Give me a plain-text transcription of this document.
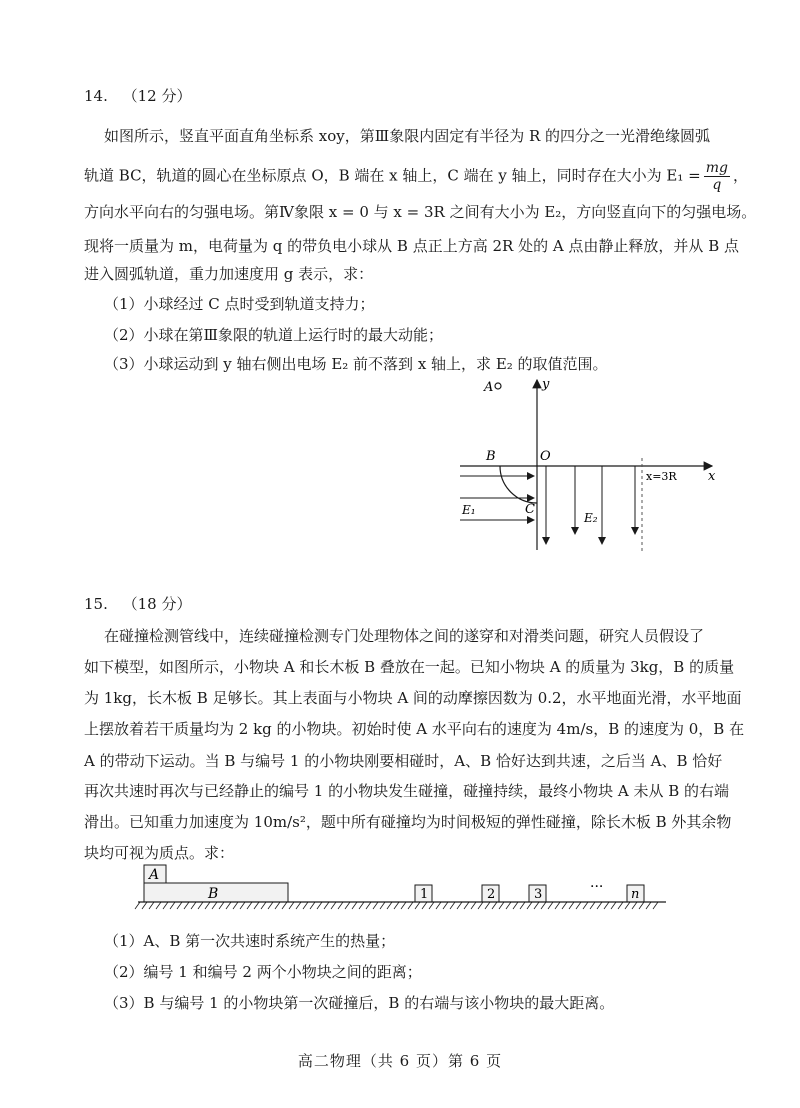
14. （12 分）
如图所示，竖直平面直角坐标系 xoy，第Ⅲ象限内固定有半径为 R 的四分之一光滑绝缘圆弧
轨道 BC，轨道的圆心在坐标原点 O，B 端在 x 轴上，C 端在 y 轴上，同时存在大小为 $E_1 = \frac{mg}{q}$ ，
方向水平向右的匀强电场。第Ⅳ象限 x = 0 与 x = 3R 之间有大小为 E₂，方向竖直向下的匀强电场。
现将一质量为 m，电荷量为 q 的带负电小球从 B 点正上方高 2R 处的 A 点由静止释放，并从 B 点
进入圆弧轨道，重力加速度用 g 表示，求：
（1）小球经过 C 点时受到轨道支持力；
（2）小球在第Ⅲ象限的轨道上运行时的最大动能；
（3）小球运动到 y 轴右侧出电场 E₂ 前不落到 x 轴上，求 E₂ 的取值范围。
A	y
x
B	O
C
E₁
E₂
x=3R
15. （18 分）
在碰撞检测管线中，连续碰撞检测专门处理物体之间的遂穿和对滑类问题，研究人员假设了
如下模型，如图所示，小物块 A 和长木板 B 叠放在一起。已知小物块 A 的质量为 3kg，B 的质量
为 1kg，长木板 B 足够长。其上表面与小物块 A 间的动摩擦因数为 0.2，水平地面光滑，水平地面
上摆放着若干质量均为 2 kg 的小物块。初始时使 A 水平向右的速度为 4m/s，B 的速度为 0，B 在
A 的带动下运动。当 B 与编号 1 的小物块刚要相碰时，A、B 恰好达到共速，之后当 A、B 恰好
再次共速时再次与已经静止的编号 1 的小物块发生碰撞，碰撞持续，最终小物块 A 未从 B 的右端
滑出。已知重力加速度为 10m/s²，题中所有碰撞均为时间极短的弹性碰撞，除长木板 B 外其余物
块均可视为质点。求：
A
B	1	2	3	··· n
（1）A、B 第一次共速时系统产生的热量；
（2）编号 1 和编号 2 两个小物块之间的距离；
（3）B 与编号 1 的小物块第一次碰撞后，B 的右端与该小物块的最大距离。
高二物理（共 6 页）第 6 页
